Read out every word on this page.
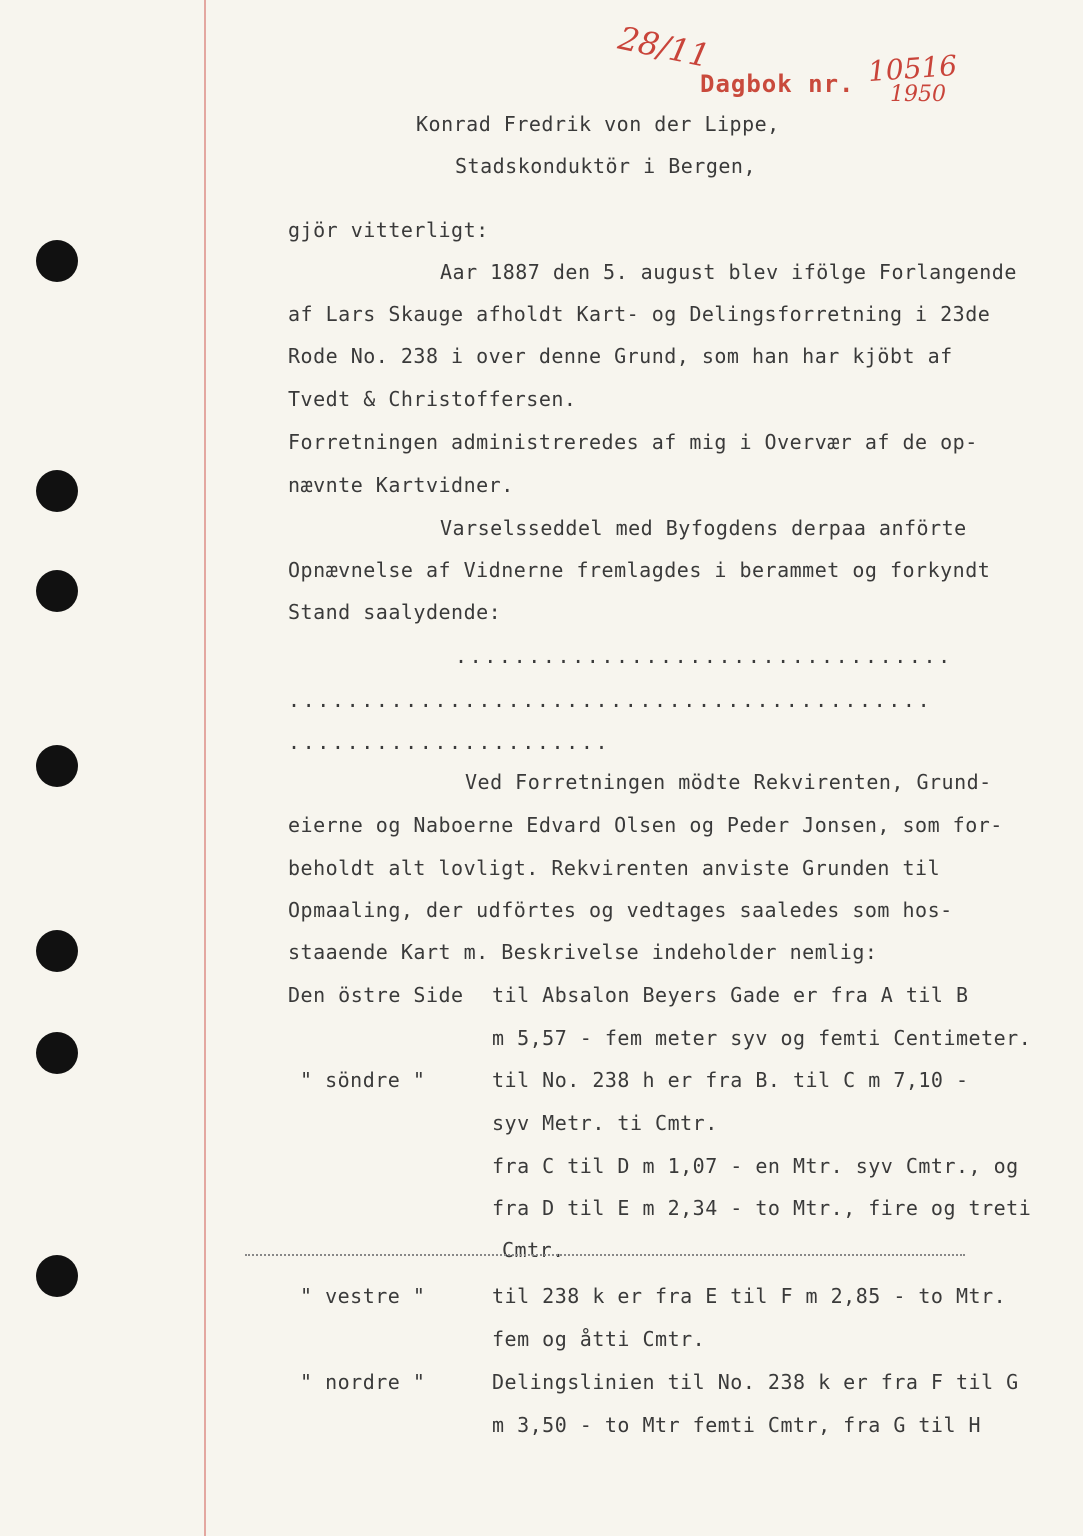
28/11
Dagbok nr. 10516
1950
Konrad Fredrik von der Lippe,
Stadskonduktör i Bergen,
gjör vitterligt:
Aar 1887 den 5. august blev ifölge Forlangende
af Lars Skauge afholdt Kart- og Delingsforretning i 23de
Rode No. 238 i over denne Grund, som han har kjöbt af
Tvedt & Christoffersen.
Forretningen administreredes af mig i Overvær af de op-
nævnte Kartvidner.
Varselsseddel med Byfogdens derpaa anförte
Opnævnelse af Vidnerne fremlagdes i berammet og forkyndt
Stand saalydende:
..................................
............................................
......................
Ved Forretningen mödte Rekvirenten, Grund-
eierne og Naboerne Edvard Olsen og Peder Jonsen, som for-
beholdt alt lovligt. Rekvirenten anviste Grunden til
Opmaaling, der udförtes og vedtages saaledes som hos-
staaende Kart m. Beskrivelse indeholder nemlig:
Den östre Side til Absalon Beyers Gade er fra A til B
m 5,57 - fem meter syv og femti Centimeter.
" söndre "	til No. 238 h er fra B. til C m 7,10 -
syv Metr. ti Cmtr.
fra C til D m 1,07 - en Mtr. syv Cmtr., og
fra D til E m 2,34 - to Mtr., fire og treti
Cmtr.
" vestre "	til 238 k er fra E til F m 2,85 - to Mtr.
fem og åtti Cmtr.
" nordre "	Delingslinien til No. 238 k er fra F til G
m 3,50 - to Mtr femti Cmtr, fra G til H
